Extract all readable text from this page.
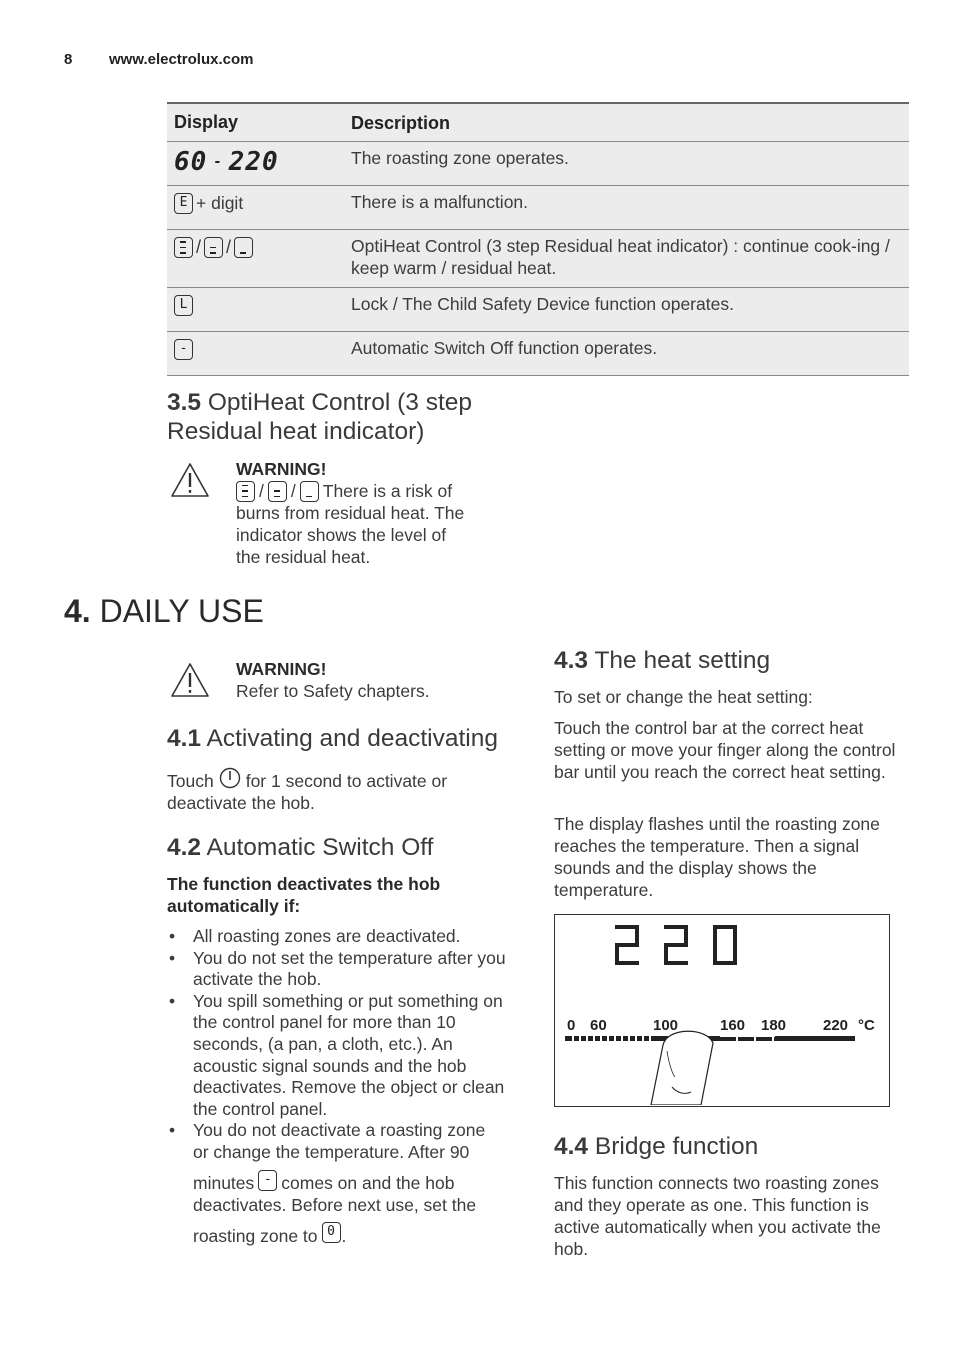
8 www.electrolux.com
Display	Description
60 - 220	The roasting zone operates.
E + digit	There is a malfunction.
/ /	OptiHeat Control (3 step Residual heat indicator) : continue cook-ing / keep warm / residual heat.
L	Lock / The Child Safety Device function operates.
-	Automatic Switch Off function operates.
3.5 OptiHeat Control (3 step
Residual heat indicator)
WARNING!
/ / There is a risk of
burns from residual heat. The
indicator shows the level of
the residual heat.
4. DAILY USE
WARNING!
Refer to Safety chapters.
4.1 Activating and deactivating
Touch for 1 second to activate or
deactivate the hob.
4.2 Automatic Switch Off
The function deactivates the hob
automatically if:
• All roasting zones are deactivated.
• You do not set the temperature after you activate the hob.
• You spill something or put something on the control panel for more than 10 seconds, (a pan, a cloth, etc.). An acoustic signal sounds and the hob deactivates. Remove the object or clean the control panel.
• You do not deactivate a roasting zone
or change the temperature. After 90
minutes - comes on and the hob
deactivates. Before next use, set the
roasting zone to 0 .
4.3 The heat setting
To set or change the heat setting:
Touch the control bar at the correct heat setting or move your finger along the control bar until you reach the correct heat setting.
The display flashes until the roasting zone reaches the temperature. Then a signal sounds and the display shows the temperature.
0 60	100	160 180 220 °C
4.4 Bridge function
This function connects two roasting zones and they operate as one. This function is active automatically when you activate the hob.
